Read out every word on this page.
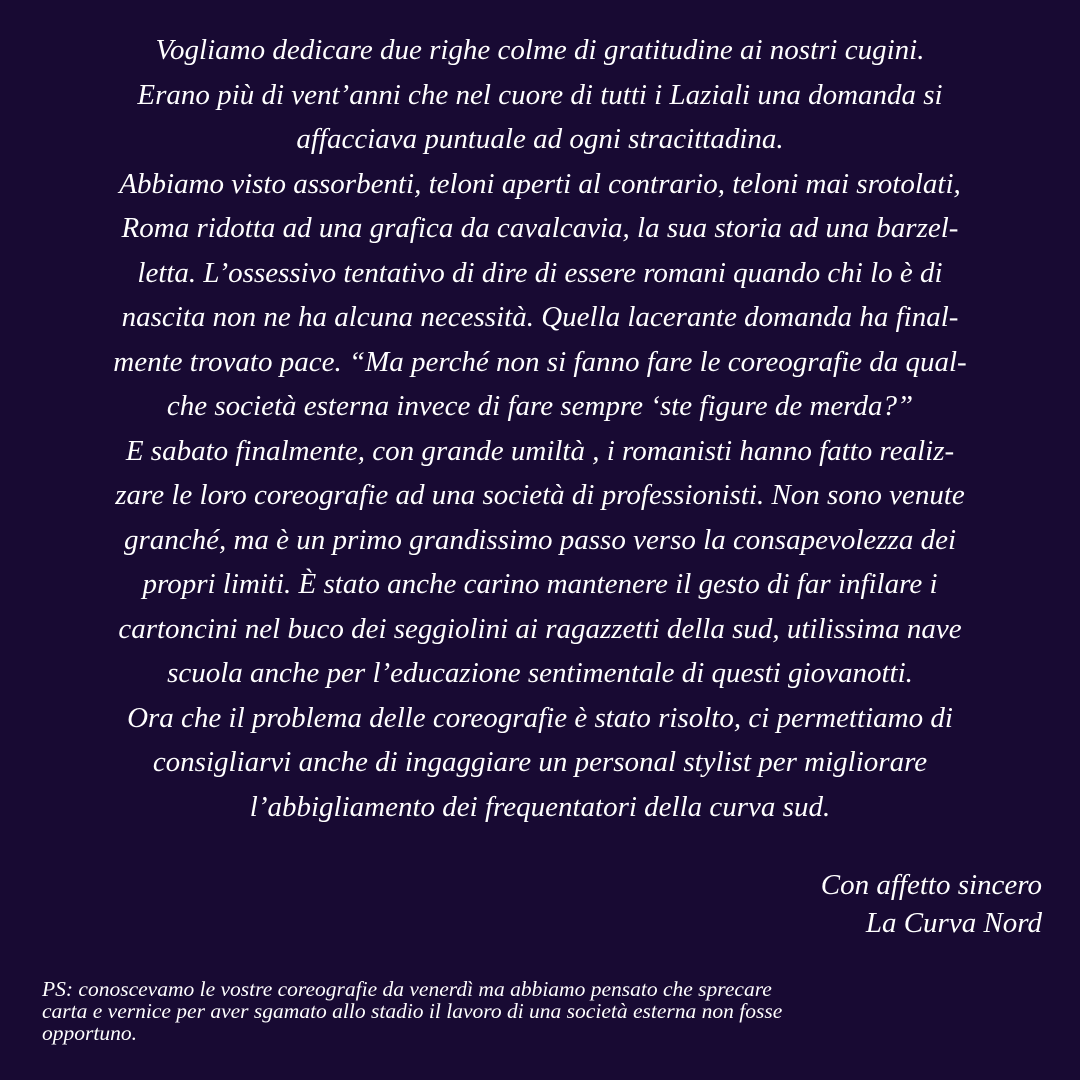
Vogliamo dedicare due righe colme di gratitudine ai nostri cugini.
Erano più di vent’anni che nel cuore di tutti i Laziali una domanda si
affacciava puntuale ad ogni stracittadina.
Abbiamo visto assorbenti, teloni aperti al contrario, teloni mai srotolati,
Roma ridotta ad una grafica da cavalcavia, la sua storia ad una barzel-
letta. L’ossessivo tentativo di dire di essere romani quando chi lo è di
nascita non ne ha alcuna necessità. Quella lacerante domanda ha final-
mente trovato pace. “Ma perché non si fanno fare le coreografie da qual-
che società esterna invece di fare sempre ‘ste figure de merda?”
E sabato finalmente, con grande umiltà , i romanisti hanno fatto realiz-
zare le loro coreografie ad una società di professionisti. Non sono venute
granché, ma è un primo grandissimo passo verso la consapevolezza dei
propri limiti. È stato anche carino mantenere il gesto di far infilare i
cartoncini nel buco dei seggiolini ai ragazzetti della sud, utilissima nave
scuola anche per l’educazione sentimentale di questi giovanotti.
Ora che il problema delle coreografie è stato risolto, ci permettiamo di
consigliarvi anche di ingaggiare un personal stylist per migliorare
l’abbigliamento dei frequentatori della curva sud.

Con affetto sincero
La Curva Nord
PS: conoscevamo le vostre coreografie da venerdì ma abbiamo pensato che sprecare
carta e vernice per aver sgamato allo stadio il lavoro di una società esterna non fosse
opportuno.
